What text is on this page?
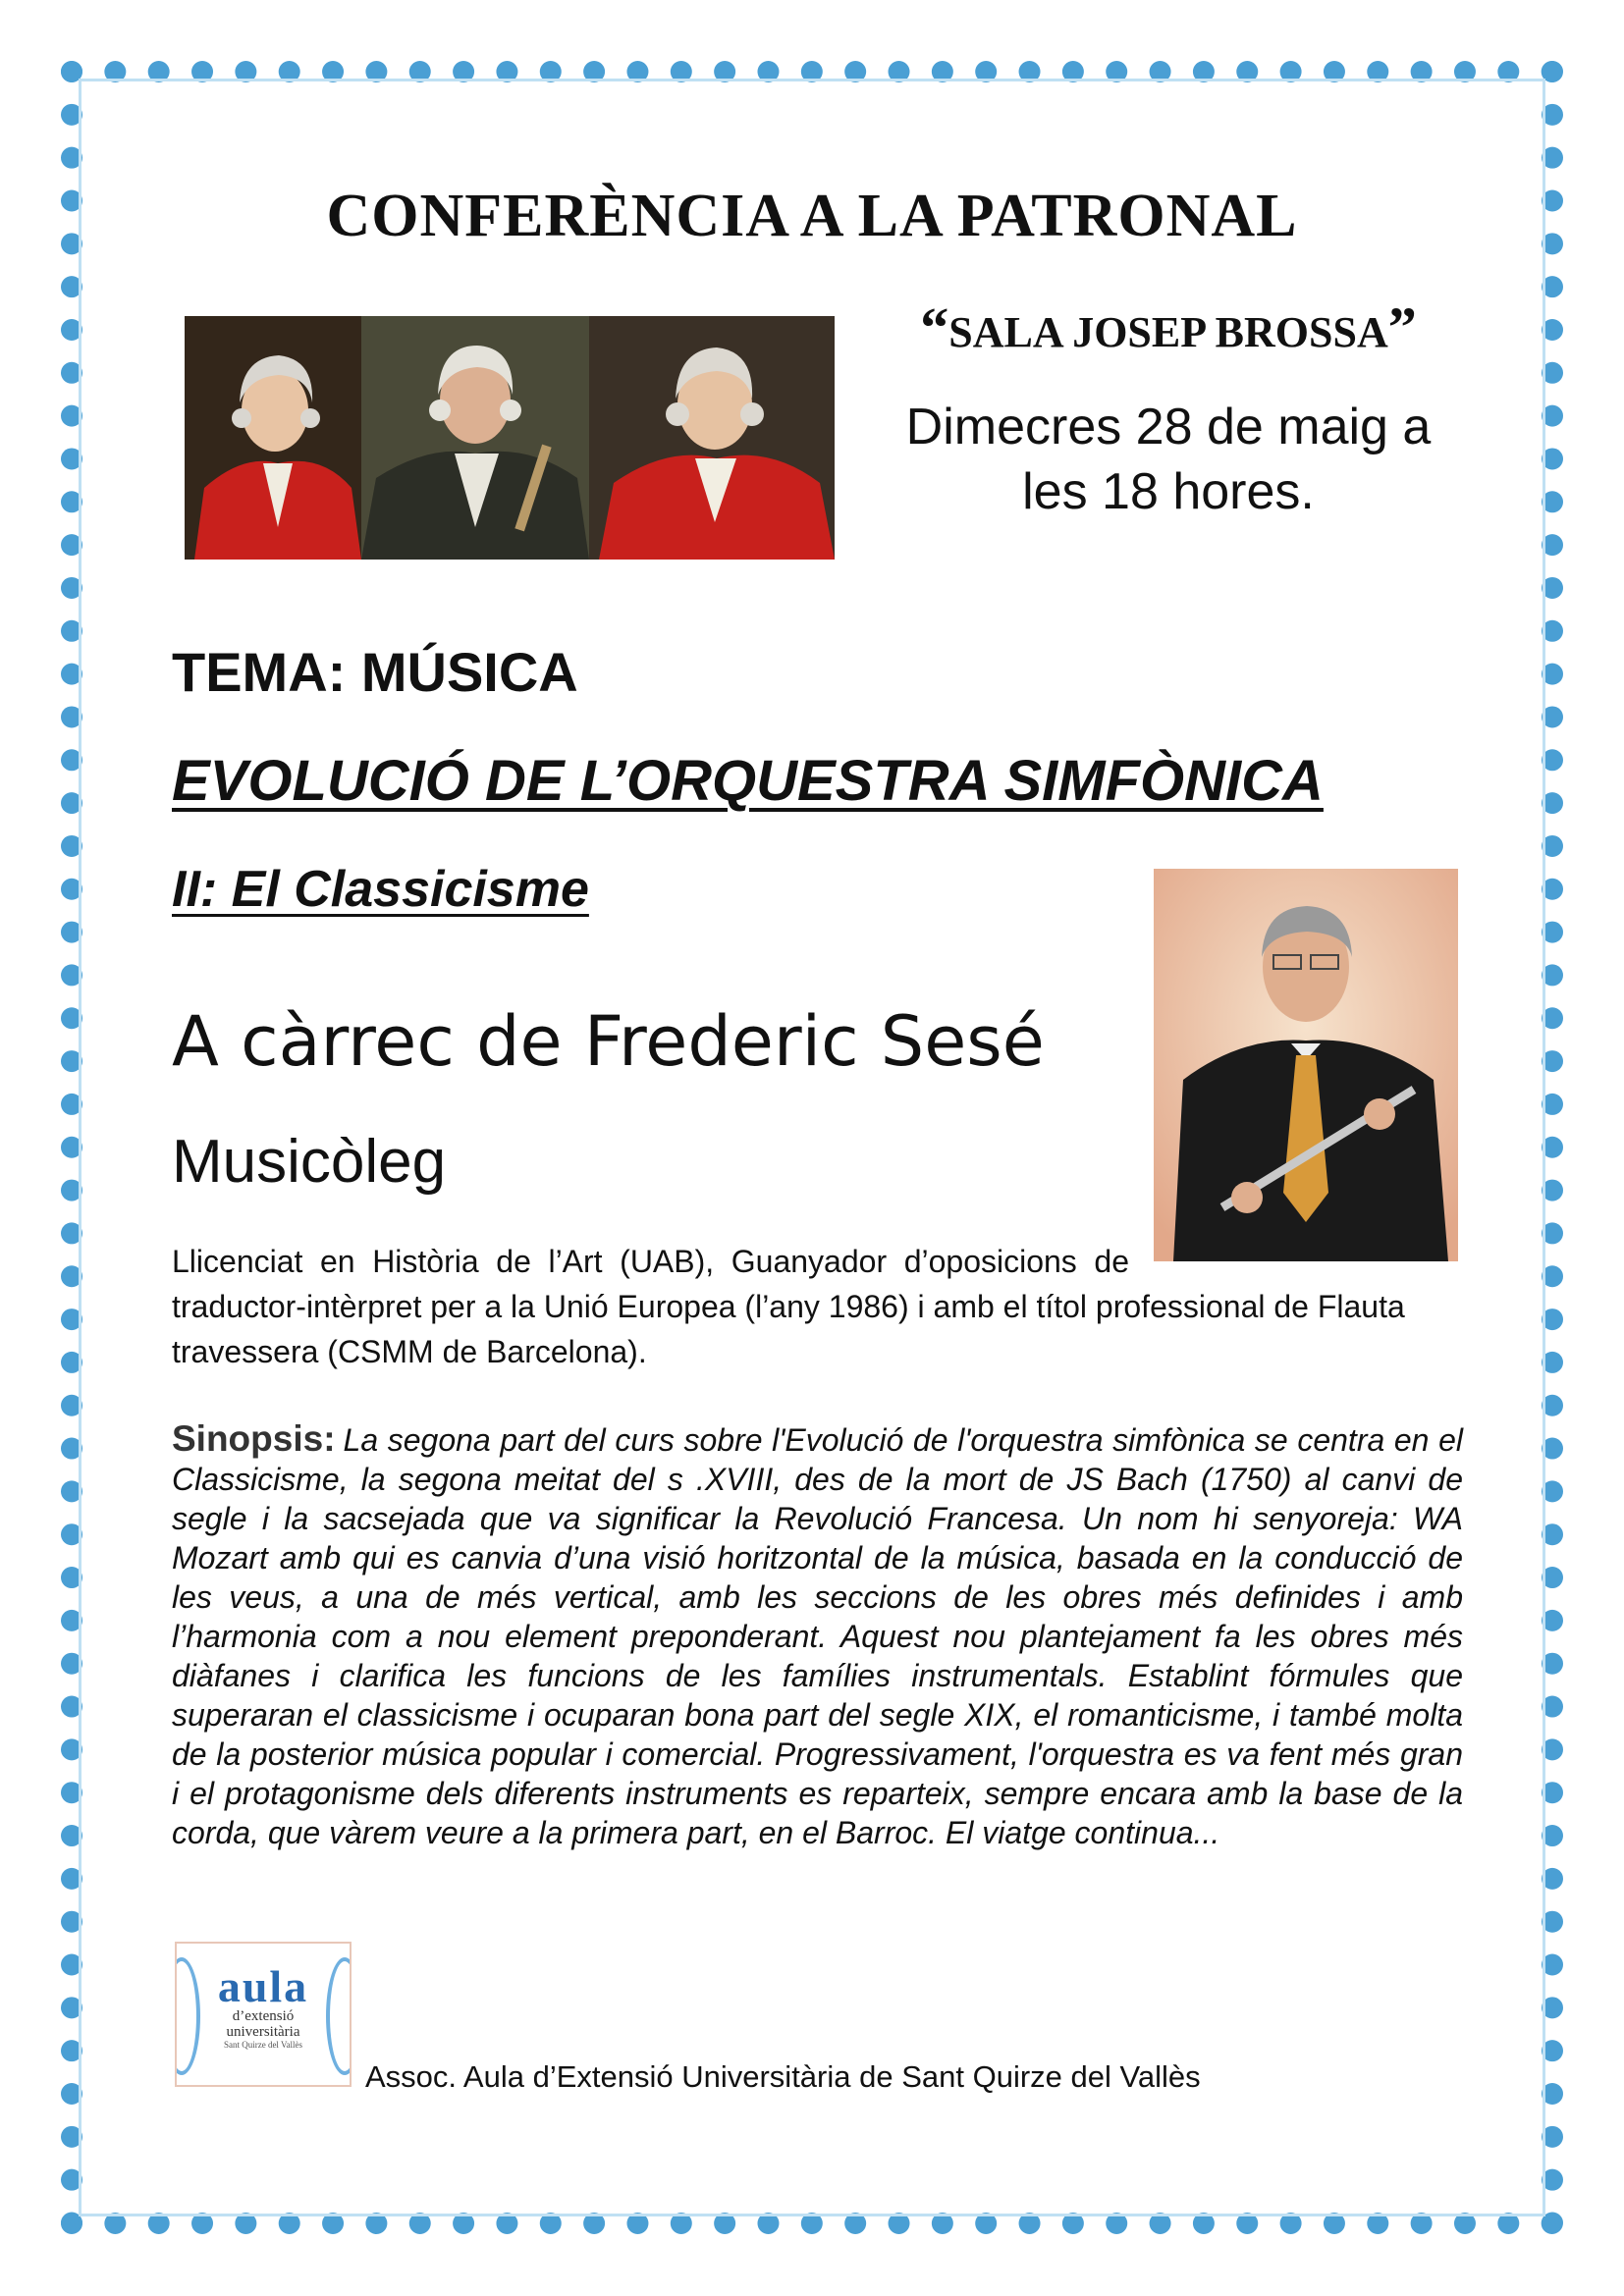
CONFERÈNCIA A LA PATRONAL
“SALA JOSEP BROSSA”
Dimecres 28 de maig a
les 18 hores.
TEMA: MÚSICA
EVOLUCIÓ DE L’ORQUESTRA SIMFÒNICA
II: El Classicisme
A càrrec de Frederic Sesé
Musicòleg
Llicenciat en Història de l’Art (UAB), Guanyador d’oposicions de
traductor-intèrpret per a la Unió Europea (l’any 1986) i amb el títol professional de Flauta travessera (CSMM de Barcelona).
Sinopsis: La segona part del curs sobre l'Evolució de l'orquestra simfònica se centra en el Classicisme, la segona meitat del s .XVIII, des de la mort de JS Bach (1750) al canvi de segle i la sacsejada que va significar la Revolució Francesa. Un nom hi senyoreja: WA Mozart amb qui es canvia d’una visió horitzontal de la música, basada en la conducció de les veus, a una de més vertical, amb les seccions de les obres més definides i amb l’harmonia com a nou element preponderant. Aquest nou plantejament fa les obres més diàfanes i clarifica les funcions de les famílies instrumentals. Establint fórmules que superaran el classicisme i ocuparan bona part del segle XIX, el romanticisme, i també molta de la posterior música popular i comercial. Progressivament, l'orquestra es va fent més gran i el protagonisme dels diferents instruments es reparteix, sempre encara amb la base de la corda, que vàrem veure a la primera part, en el Barroc. El viatge continua...
aula
d’extensió
universitària
Sant Quirze del Vallès
Assoc. Aula d’Extensió Universitària de Sant Quirze del Vallès
